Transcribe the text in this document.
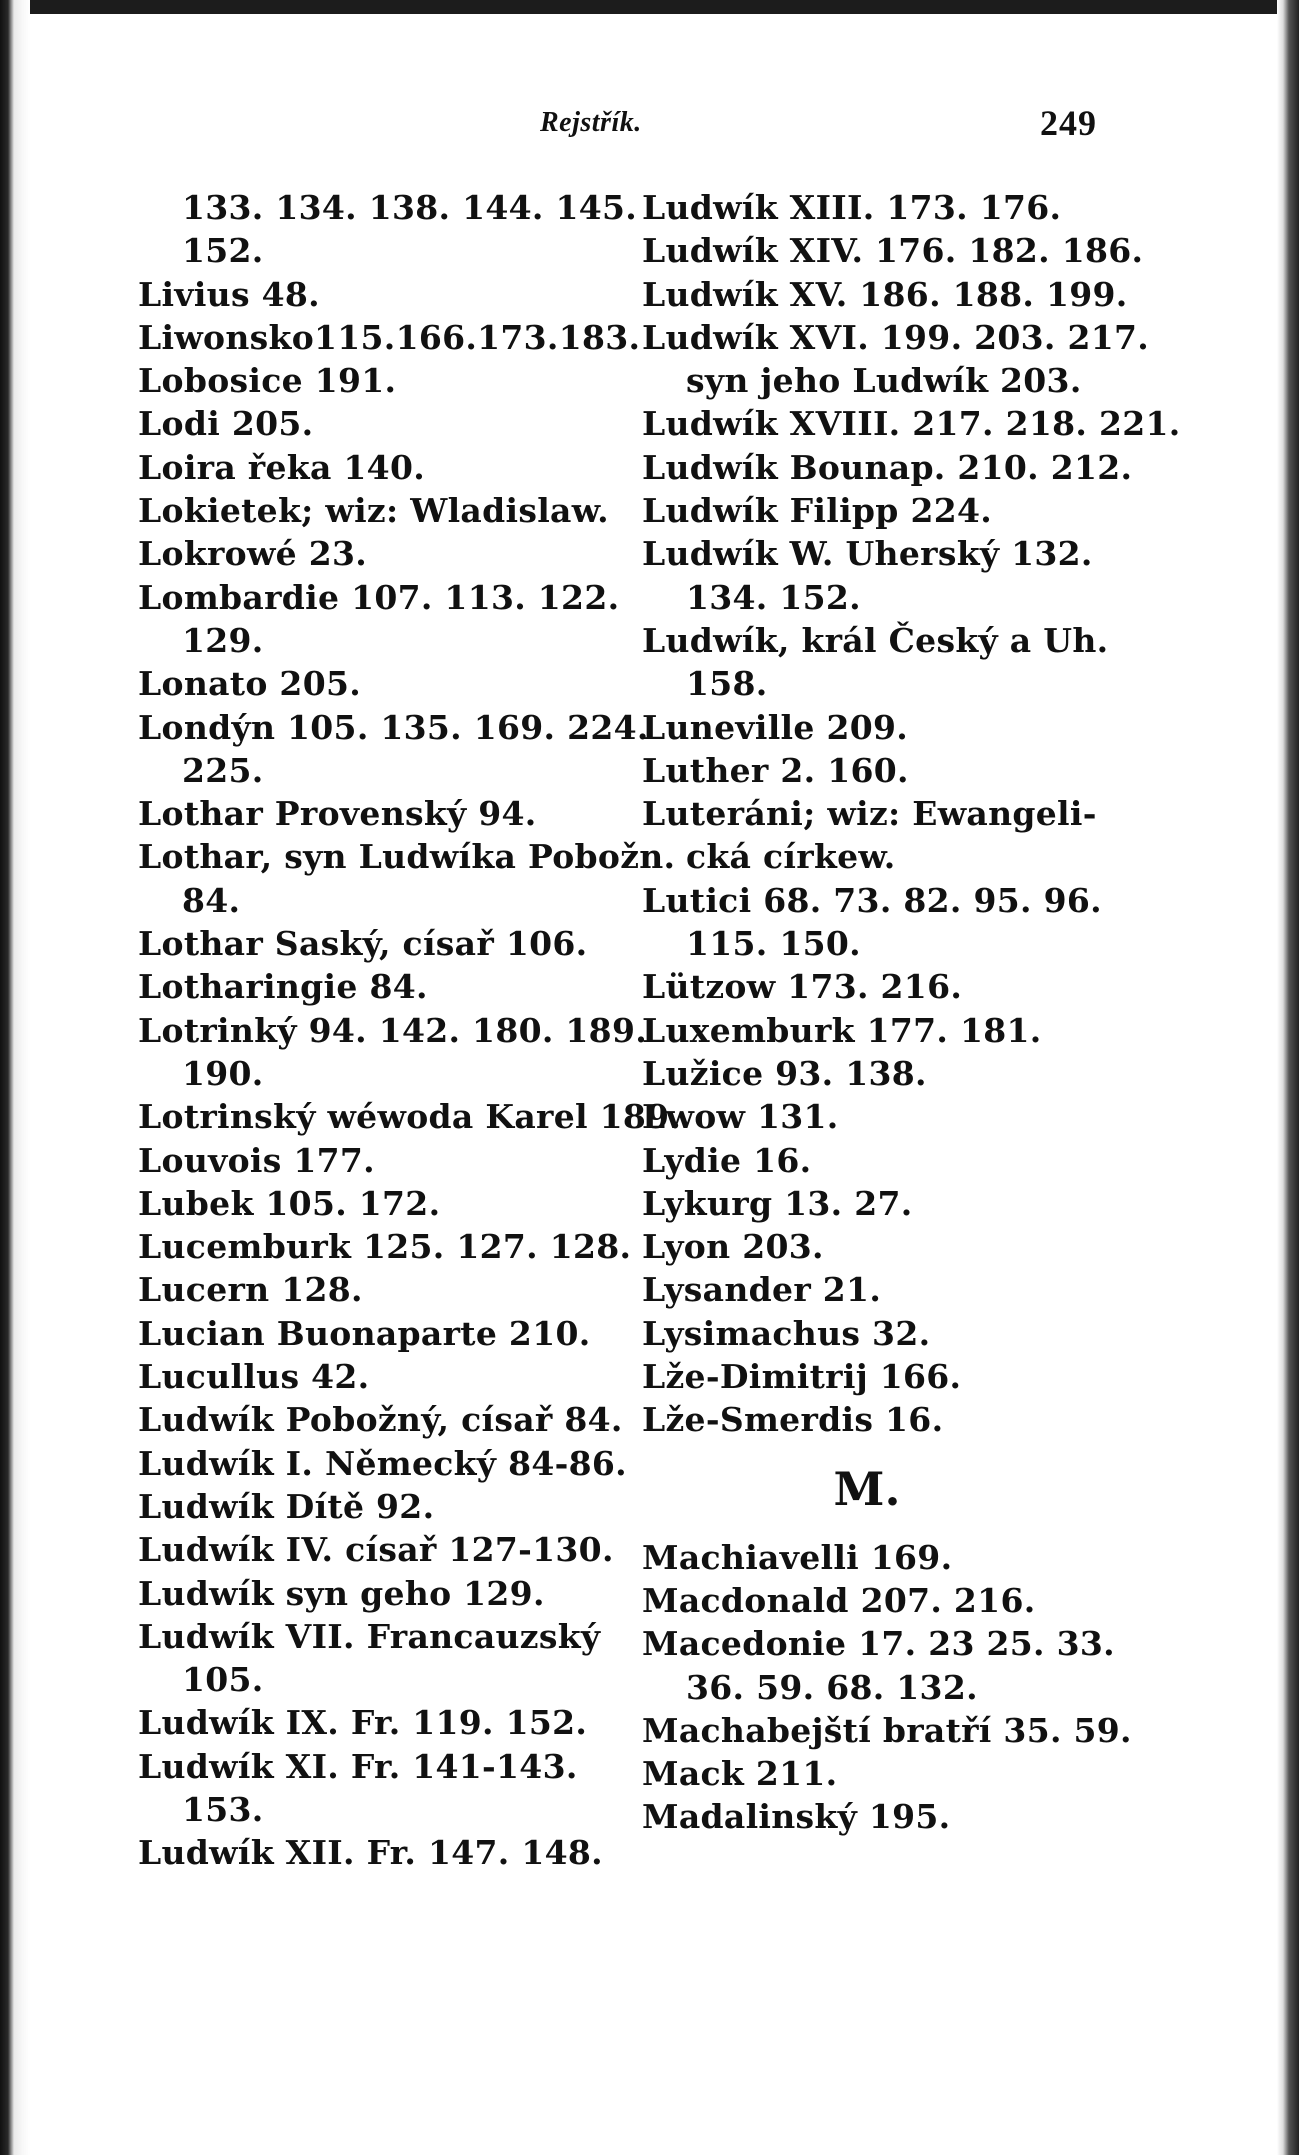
Rejstřík.	249
133. 134. 138. 144. 145.
152.
Livius 48.
Liwonsko115.166.173.183.
Lobosice 191.
Lodi 205.
Loira řeka 140.
Lokietek; wiz: Wladislaw.
Lokrowé 23.
Lombardie 107. 113. 122.
129.
Lonato 205.
Londýn 105. 135. 169. 224.
225.
Lothar Provenský 94.
Lothar, syn Ludwíka Pobožn.
84.
Lothar Saský, císař 106.
Lotharingie 84.
Lotrinký 94. 142. 180. 189.
190.
Lotrinský wéwoda Karel 189.
Louvois 177.
Lubek 105. 172.
Lucemburk 125. 127. 128.
Lucern 128.
Lucian Buonaparte 210.
Lucullus 42.
Ludwík Pobožný, císař 84.
Ludwík I. Německý 84-86.
Ludwík Dítě 92.
Ludwík IV. císař 127-130.
Ludwík syn geho 129.
Ludwík VII. Francauzský
105.
Ludwík IX. Fr. 119. 152.
Ludwík XI. Fr. 141-143.
153.
Ludwík XII. Fr. 147. 148.
Ludwík XIII. 173. 176.
Ludwík XIV. 176. 182. 186.
Ludwík XV. 186. 188. 199.
Ludwík XVI. 199. 203. 217.
syn jeho Ludwík 203.
Ludwík XVIII. 217. 218. 221.
Ludwík Bounap. 210. 212.
Ludwík Filipp 224.
Ludwík W. Uherský 132.
134. 152.
Ludwík, král Český a Uh.
158.
Luneville 209.
Luther 2. 160.
Luteráni; wiz: Ewangeli-
cká církew.
Lutici 68. 73. 82. 95. 96.
115. 150.
Lützow 173. 216.
Luxemburk 177. 181.
Lužice 93. 138.
Lwow 131.
Lydie 16.
Lykurg 13. 27.
Lyon 203.
Lysander 21.
Lysimachus 32.
Lže-Dimitrij 166.
Lže-Smerdis 16.
M.
Machiavelli 169.
Macdonald 207. 216.
Macedonie 17. 23 25. 33.
36. 59. 68. 132.
Machabejští bratří 35. 59.
Mack 211.
Madalinský 195.
